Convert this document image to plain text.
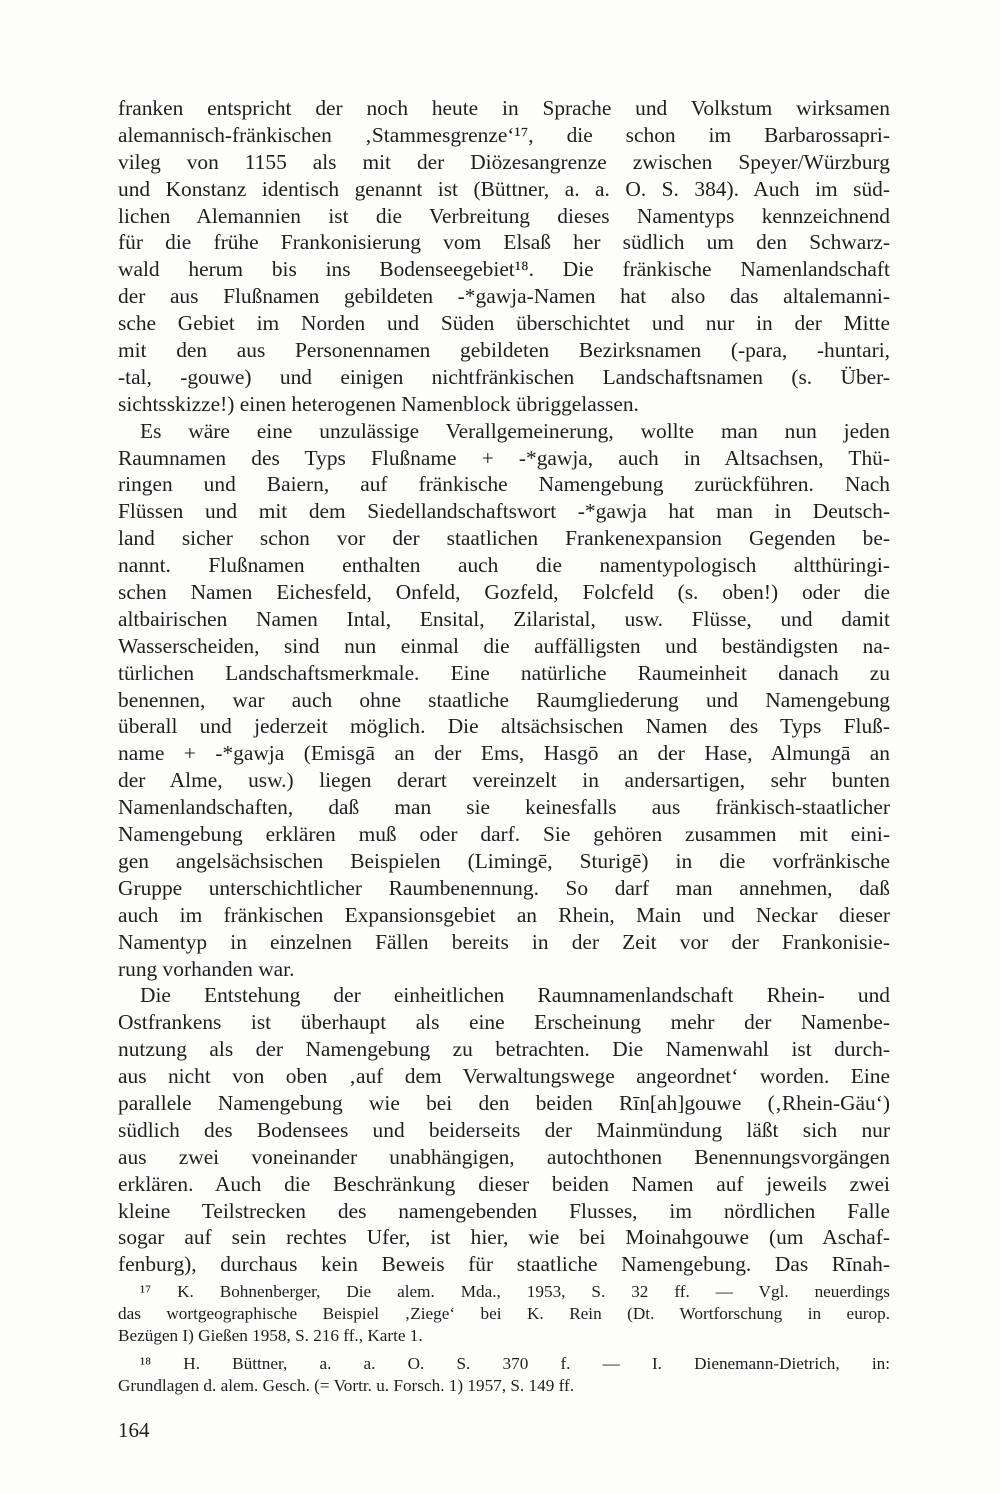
franken entspricht der noch heute in Sprache und Volkstum wirksamen
alemannisch-fränkischen ‚Stammesgrenze‘¹⁷, die schon im Barbarossapri-
vileg von 1155 als mit der Diözesangrenze zwischen Speyer/Würzburg
und Konstanz identisch genannt ist (Büttner, a. a. O. S. 384). Auch im süd-
lichen Alemannien ist die Verbreitung dieses Namentyps kennzeichnend
für die frühe Frankonisierung vom Elsaß her südlich um den Schwarz-
wald herum bis ins Bodenseegebiet¹⁸. Die fränkische Namenlandschaft
der aus Flußnamen gebildeten -*gawja-Namen hat also das altalemanni-
sche Gebiet im Norden und Süden überschichtet und nur in der Mitte
mit den aus Personennamen gebildeten Bezirksnamen (-para, -huntari,
-tal, -gouwe) und einigen nichtfränkischen Landschaftsnamen (s. Über-
sichtsskizze!) einen heterogenen Namenblock übriggelassen.
Es wäre eine unzulässige Verallgemeinerung, wollte man nun jeden
Raumnamen des Typs Flußname + -*gawja, auch in Altsachsen, Thü-
ringen und Baiern, auf fränkische Namengebung zurückführen. Nach
Flüssen und mit dem Siedellandschaftswort -*gawja hat man in Deutsch-
land sicher schon vor der staatlichen Frankenexpansion Gegenden be-
nannt. Flußnamen enthalten auch die namentypologisch altthüringi-
schen Namen Eichesfeld, Onfeld, Gozfeld, Folcfeld (s. oben!) oder die
altbairischen Namen Intal, Ensital, Zilaristal, usw. Flüsse, und damit
Wasserscheiden, sind nun einmal die auffälligsten und beständigsten na-
türlichen Landschaftsmerkmale. Eine natürliche Raumeinheit danach zu
benennen, war auch ohne staatliche Raumgliederung und Namengebung
überall und jederzeit möglich. Die altsächsischen Namen des Typs Fluß-
name + -*gawja (Emisgā an der Ems, Hasgō an der Hase, Almungā an
der Alme, usw.) liegen derart vereinzelt in andersartigen, sehr bunten
Namenlandschaften, daß man sie keinesfalls aus fränkisch-staatlicher
Namengebung erklären muß oder darf. Sie gehören zusammen mit eini-
gen angelsächsischen Beispielen (Limingē, Sturigē) in die vorfränkische
Gruppe unterschichtlicher Raumbenennung. So darf man annehmen, daß
auch im fränkischen Expansionsgebiet an Rhein, Main und Neckar dieser
Namentyp in einzelnen Fällen bereits in der Zeit vor der Frankonisie-
rung vorhanden war.
Die Entstehung der einheitlichen Raumnamenlandschaft Rhein- und
Ostfrankens ist überhaupt als eine Erscheinung mehr der Namenbe-
nutzung als der Namengebung zu betrachten. Die Namenwahl ist durch-
aus nicht von oben ‚auf dem Verwaltungswege angeordnet‘ worden. Eine
parallele Namengebung wie bei den beiden Rīn[ah]gouwe (‚Rhein-Gäu‘)
südlich des Bodensees und beiderseits der Mainmündung läßt sich nur
aus zwei voneinander unabhängigen, autochthonen Benennungsvorgängen
erklären. Auch die Beschränkung dieser beiden Namen auf jeweils zwei
kleine Teilstrecken des namengebenden Flusses, im nördlichen Falle
sogar auf sein rechtes Ufer, ist hier, wie bei Moinahgouwe (um Aschaf-
fenburg), durchaus kein Beweis für staatliche Namengebung. Das Rīnah-
¹⁷ K. Bohnenberger, Die alem. Mda., 1953, S. 32 ff. — Vgl. neuerdings
das wortgeographische Beispiel ‚Ziege‘ bei K. Rein (Dt. Wortforschung in europ.
Bezügen I) Gießen 1958, S. 216 ff., Karte 1.
¹⁸ H. Büttner, a. a. O. S. 370 f. — I. Dienemann-Dietrich, in:
Grundlagen d. alem. Gesch. (= Vortr. u. Forsch. 1) 1957, S. 149 ff.
164
